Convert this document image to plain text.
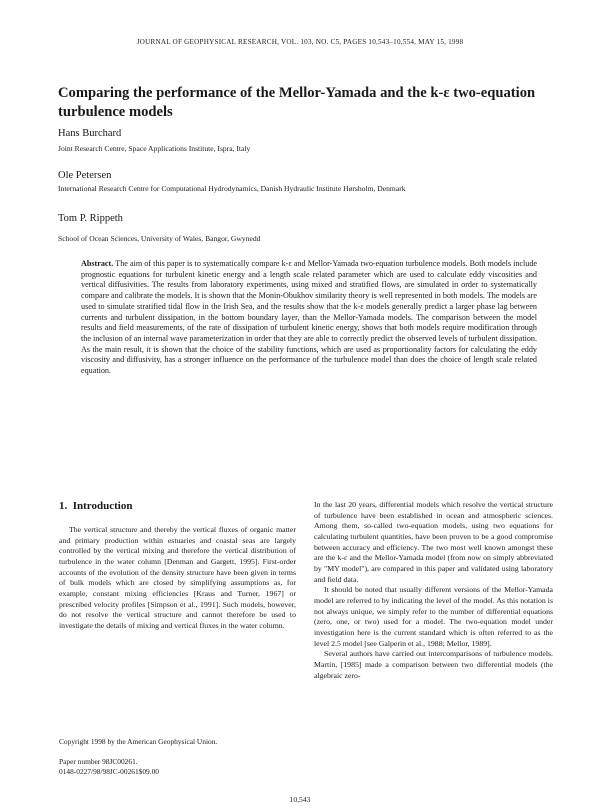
JOURNAL OF GEOPHYSICAL RESEARCH, VOL. 103, NO. C5, PAGES 10,543–10,554, MAY 15, 1998
Comparing the performance of the Mellor-Yamada and the k-ε two-equation turbulence models
Hans Burchard
Joint Research Centre, Space Applications Institute, Ispra, Italy
Ole Petersen
International Research Centre for Computational Hydrodynamics, Danish Hydraulic Institute Hørsholm, Denmark
Tom P. Rippeth
School of Ocean Sciences, University of Wales, Bangor, Gwynedd
Abstract. The aim of this paper is to systematically compare k-ε and Mellor-Yamada two-equation turbulence models. Both models include prognostic equations for turbulent kinetic energy and a length scale related parameter which are used to calculate eddy viscosities and vertical diffusivities. The results from laboratory experiments, using mixed and stratified flows, are simulated in order to systematically compare and calibrate the models. It is shown that the Monin-Obukhov similarity theory is well represented in both models. The models are used to simulate stratified tidal flow in the Irish Sea, and the results show that the k-ε models generally predict a larger phase lag between currents and turbulent dissipation, in the bottom boundary layer, than the Mellor-Yamada models. The comparison between the model results and field measurements, of the rate of dissipation of turbulent kinetic energy, shows that both models require modification through the inclusion of an internal wave parameterization in order that they are able to correctly predict the observed levels of turbulent dissipation. As the main result, it is shown that the choice of the stability functions, which are used as proportionality factors for calculating the eddy viscosity and diffusivity, has a stronger influence on the performance of the turbulence model than does the choice of length scale related equation.
1. Introduction

The vertical structure and thereby the vertical fluxes of organic matter and primary production within estuaries and coastal seas are largely controlled by the vertical mixing and therefore the vertical distribution of turbulence in the water column [Denman and Gargett, 1995]. First-order accounts of the evolution of the density structure have been given in terms of bulk models which are closed by simplifying assumptions as, for example, constant mixing efficiencies [Kraus and Turner, 1967] or prescribed velocity profiles [Simpson et al., 1991]. Such models, however, do not resolve the vertical structure and cannot therefore be used to investigate the details of mixing and vertical fluxes in the water column.

Copyright 1998 by the American Geophysical Union.
Paper number 98JC00261.
0148-0227/98/98JC-00261$09.00

In the last 20 years, differential models which resolve the vertical structure of turbulence have been established in ocean and atmospheric sciences. Among them, so-called two-equation models, using two equations for calculating turbulent quantities, have been proven to be a good compromise between accuracy and efficiency. The two most well known amongst these are the k-ε and the Mellor-Yamada model (from now on simply abbreviated by "MY model"), are compared in this paper and validated using laboratory and field data.

It should be noted that usually different versions of the Mellor-Yamada model are referred to by indicating the level of the model. As this notation is not always unique, we simply refer to the number of differential equations (zero, one, or two) used for a model. The two-equation model under investigation here is the current standard which is often referred to as the level 2.5 model [see Galperin et al., 1988; Mellor, 1989].

Several authors have carried out intercomparisons of turbulence models. Martin, [1985] made a comparison between two differential models (the algebraic zero-

10,543
